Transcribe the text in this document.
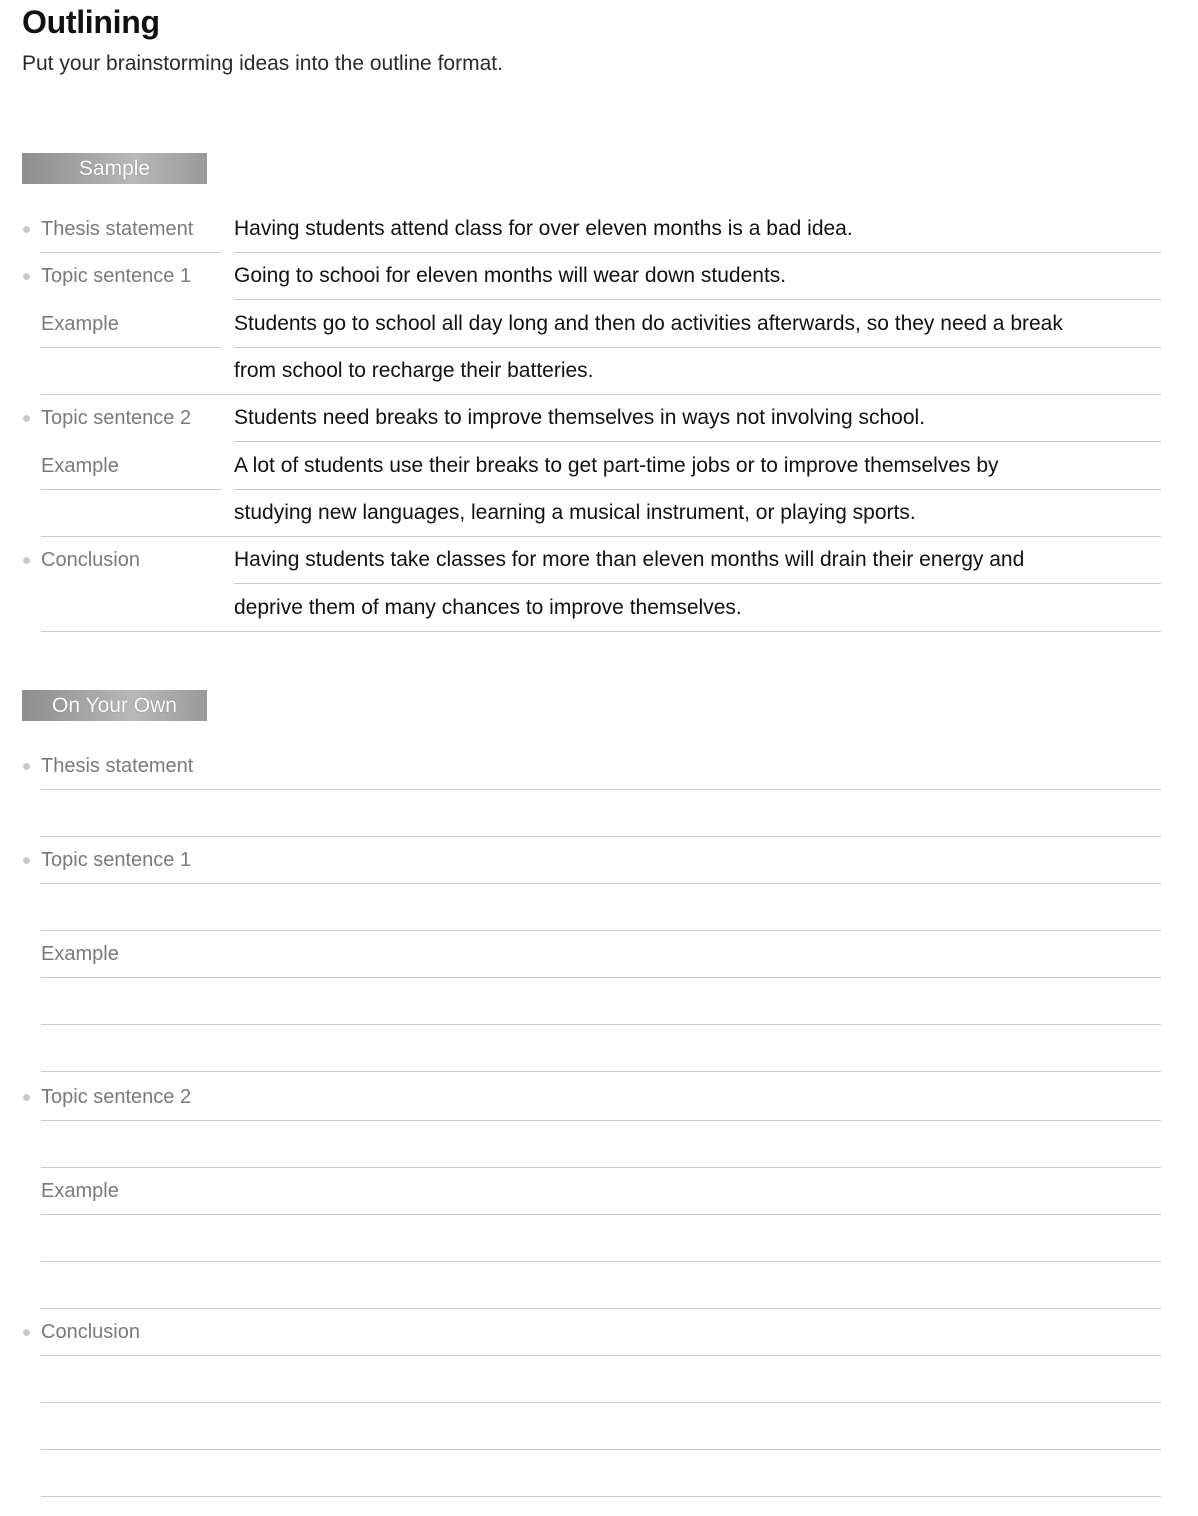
Outlining
Put your brainstorming ideas into the outline format.
Sample
Thesis statement Having students attend class for over eleven months is a bad idea.
Topic sentence 1 Going to schooi for eleven months will wear down students.
Example	Students go to school all day long and then do activities afterwards, so they need a break
from school to recharge their batteries.
Topic sentence 2 Students need breaks to improve themselves in ways not involving school.
Example	A lot of students use their breaks to get part-time jobs or to improve themselves by
studying new languages, learning a musical instrument, or playing sports.
Conclusion	Having students take classes for more than eleven months will drain their energy and
deprive them of many chances to improve themselves.
On Your Own
Thesis statement
Topic sentence 1
Example
Topic sentence 2
Example
Conclusion
